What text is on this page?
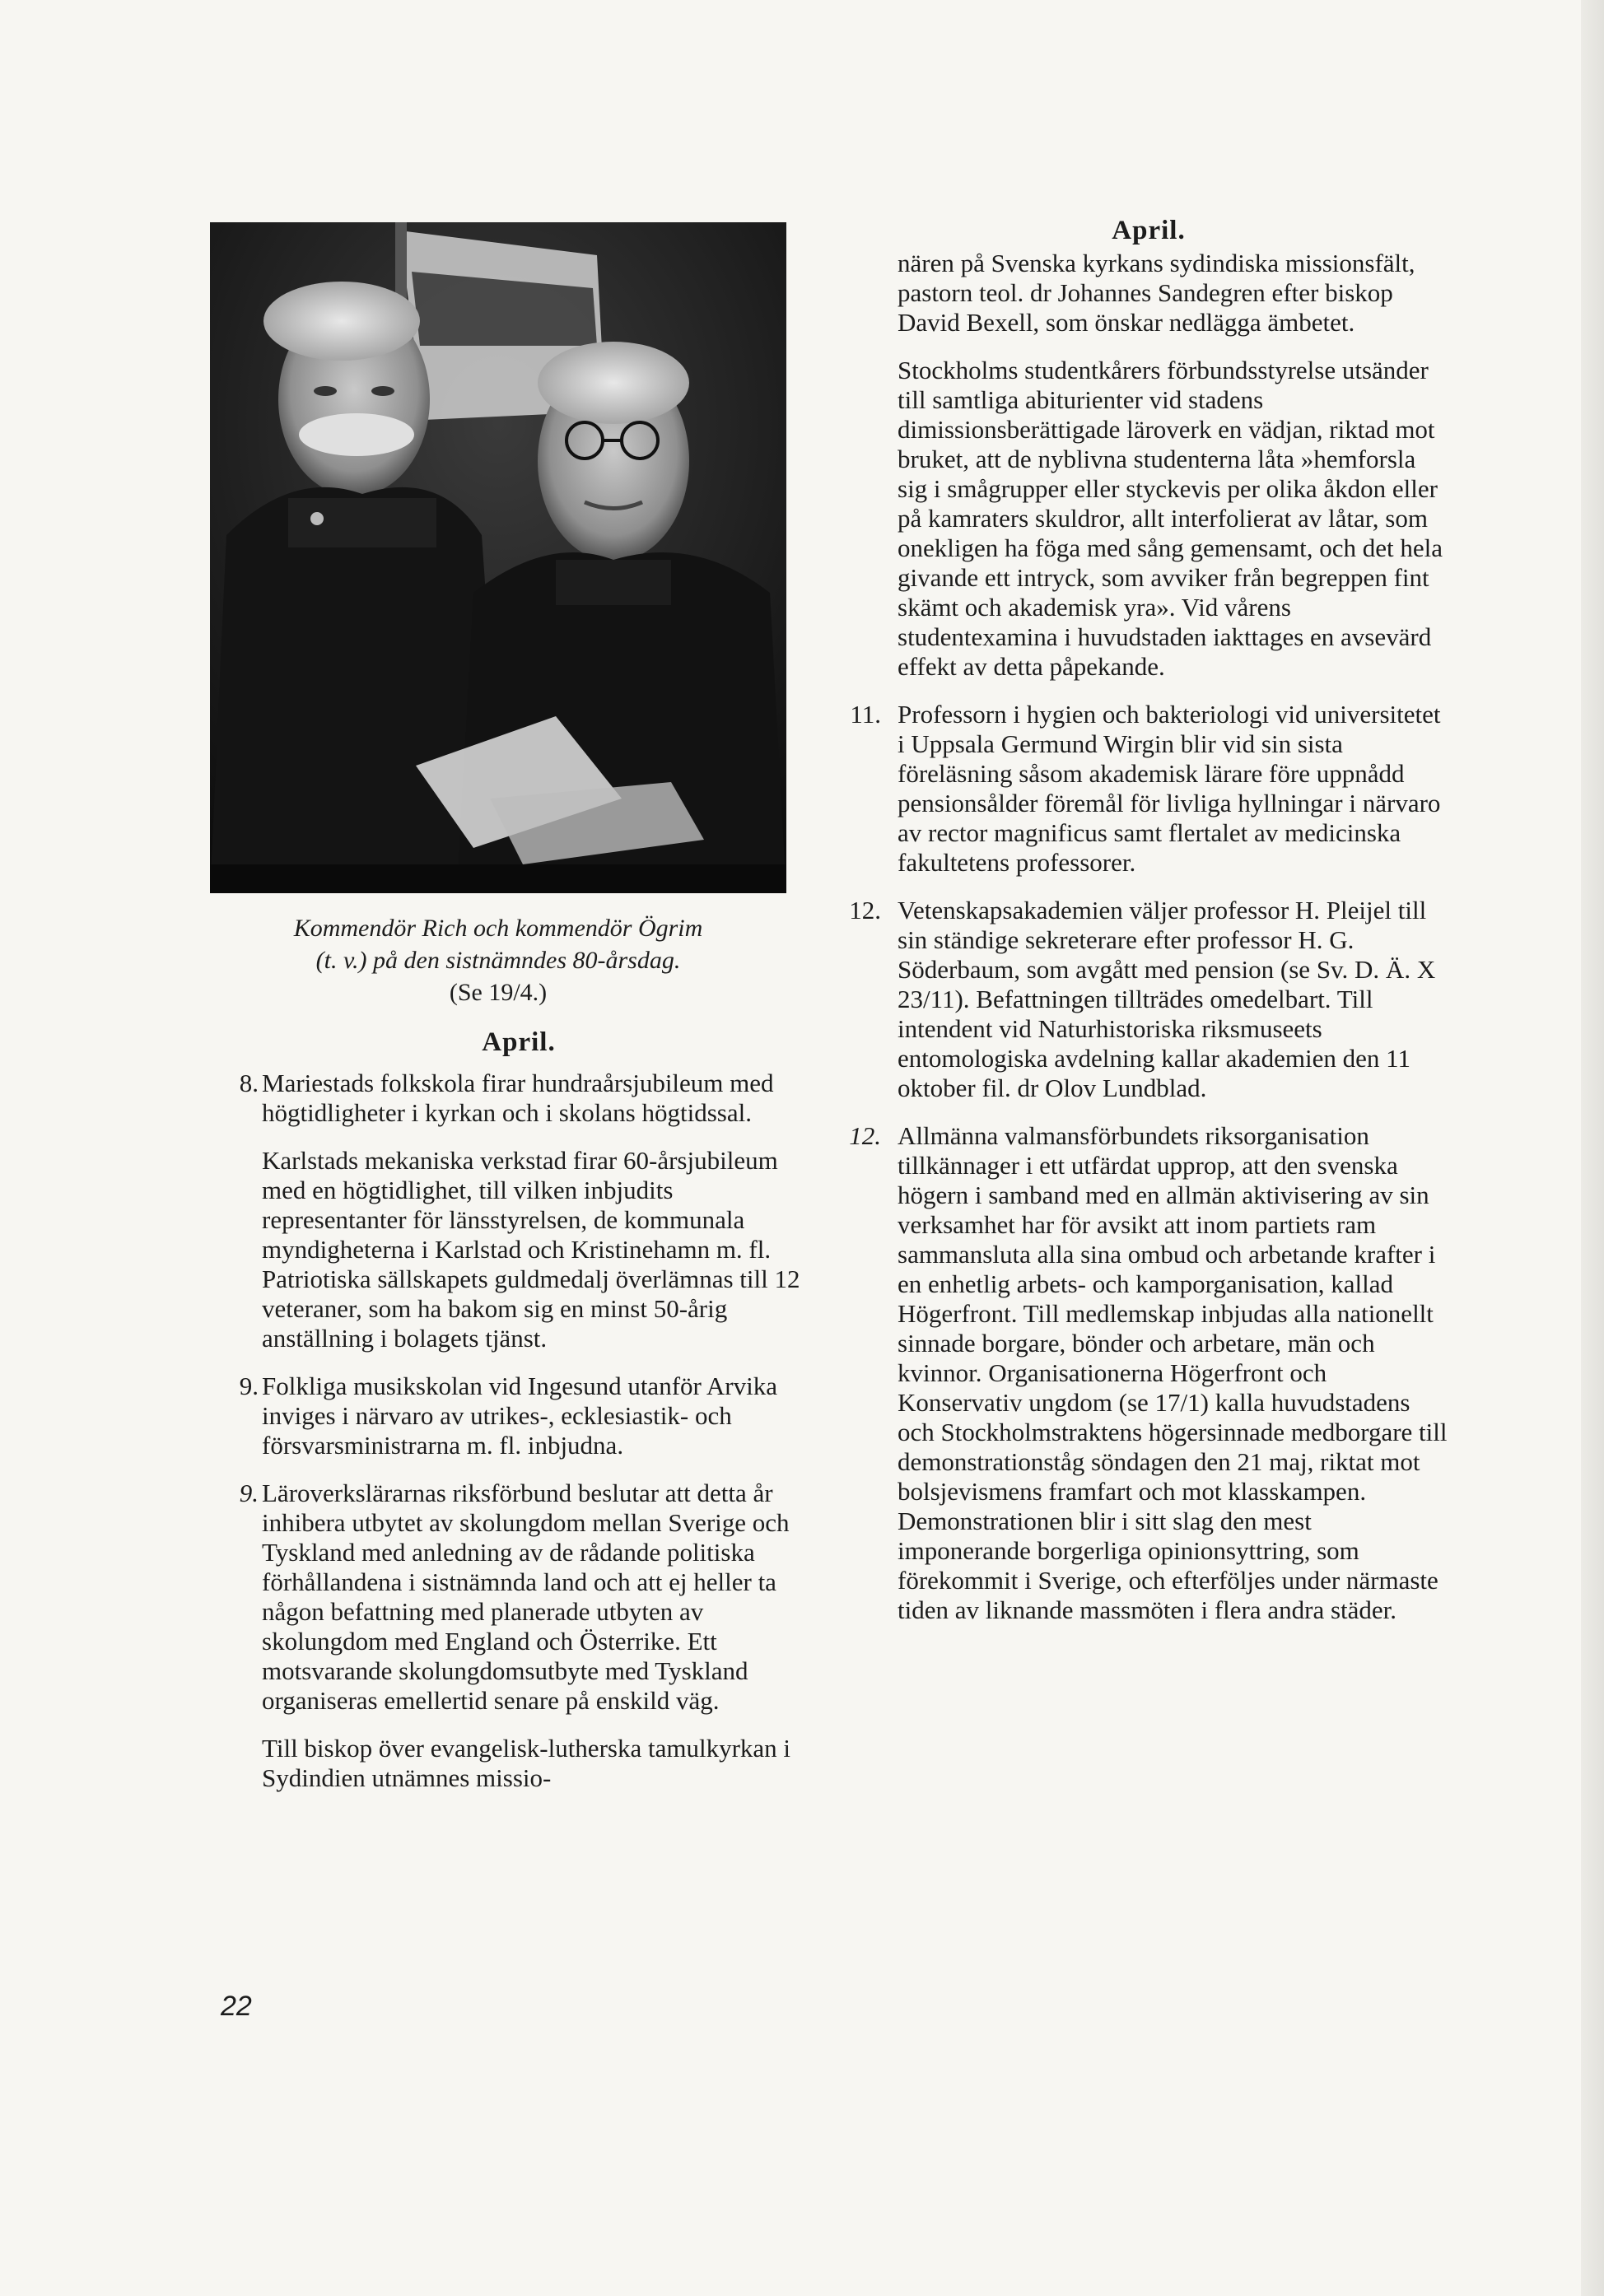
Kommendör Rich och kommendör Ögrim
(t. v.) på den sistnämndes 80-årsdag.
(Se 19/4.)
April.
8. Mariestads folkskola firar hundraårsjubileum med högtidligheter i kyrkan och i skolans högtidssal.
Karlstads mekaniska verkstad firar 60-årsjubileum med en högtidlighet, till vilken inbjudits representanter för länsstyrelsen, de kommunala myndigheterna i Karlstad och Kristinehamn m. fl. Patriotiska sällskapets guldmedalj överlämnas till 12 veteraner, som ha bakom sig en minst 50-årig anställning i bolagets tjänst.
9. Folkliga musikskolan vid Ingesund utanför Arvika inviges i närvaro av utrikes-, ecklesiastik- och försvarsministrarna m. fl. inbjudna.
9. Läroverkslärarnas riksförbund beslutar att detta år inhibera utbytet av skolungdom mellan Sverige och Tyskland med anledning av de rådande politiska förhållandena i sistnämnda land och att ej heller ta någon befattning med planerade utbyten av skolungdom med England och Österrike. Ett motsvarande skolungdomsutbyte med Tyskland organiseras emellertid senare på enskild väg.
Till biskop över evangelisk-lutherska tamulkyrkan i Sydindien utnämnes missio-
April.
nären på Svenska kyrkans sydindiska missionsfält, pastorn teol. dr Johannes Sandegren efter biskop David Bexell, som önskar nedlägga ämbetet.
Stockholms studentkårers förbundsstyrelse utsänder till samtliga abiturienter vid stadens dimissionsberättigade läroverk en vädjan, riktad mot bruket, att de nyblivna studenterna låta »hemforsla sig i smågrupper eller styckevis per olika åkdon eller på kamraters skuldror, allt interfolierat av låtar, som onekligen ha föga med sång gemensamt, och det hela givande ett intryck, som avviker från begreppen fint skämt och akademisk yra». Vid vårens studentexamina i huvudstaden iakttages en avsevärd effekt av detta påpekande.
11. Professorn i hygien och bakteriologi vid universitetet i Uppsala Germund Wirgin blir vid sin sista föreläsning såsom akademisk lärare före uppnådd pensionsålder föremål för livliga hyllningar i närvaro av rector magnificus samt flertalet av medicinska fakultetens professorer.
12. Vetenskapsakademien väljer professor H. Pleijel till sin ständige sekreterare efter professor H. G. Söderbaum, som avgått med pension (se Sv. D. Ä. X 23/11). Befattningen tillträdes omedelbart. Till intendent vid Naturhistoriska riksmuseets entomologiska avdelning kallar akademien den 11 oktober fil. dr Olov Lundblad.
12. Allmänna valmansförbundets riksorganisation tillkännager i ett utfärdat upprop, att den svenska högern i samband med en allmän aktivisering av sin verksamhet har för avsikt att inom partiets ram sammansluta alla sina ombud och arbetande krafter i en enhetlig arbets- och kamporganisation, kallad Högerfront. Till medlemskap inbjudas alla nationellt sinnade borgare, bönder och arbetare, män och kvinnor. Organisationerna Högerfront och Konservativ ungdom (se 17/1) kalla huvudstadens och Stockholmstraktens högersinnade medborgare till demonstrationståg söndagen den 21 maj, riktat mot bolsjevismens framfart och mot klasskampen. Demonstrationen blir i sitt slag den mest imponerande borgerliga opinionsyttring, som förekommit i Sverige, och efterföljes under närmaste tiden av liknande massmöten i flera andra städer.
22
